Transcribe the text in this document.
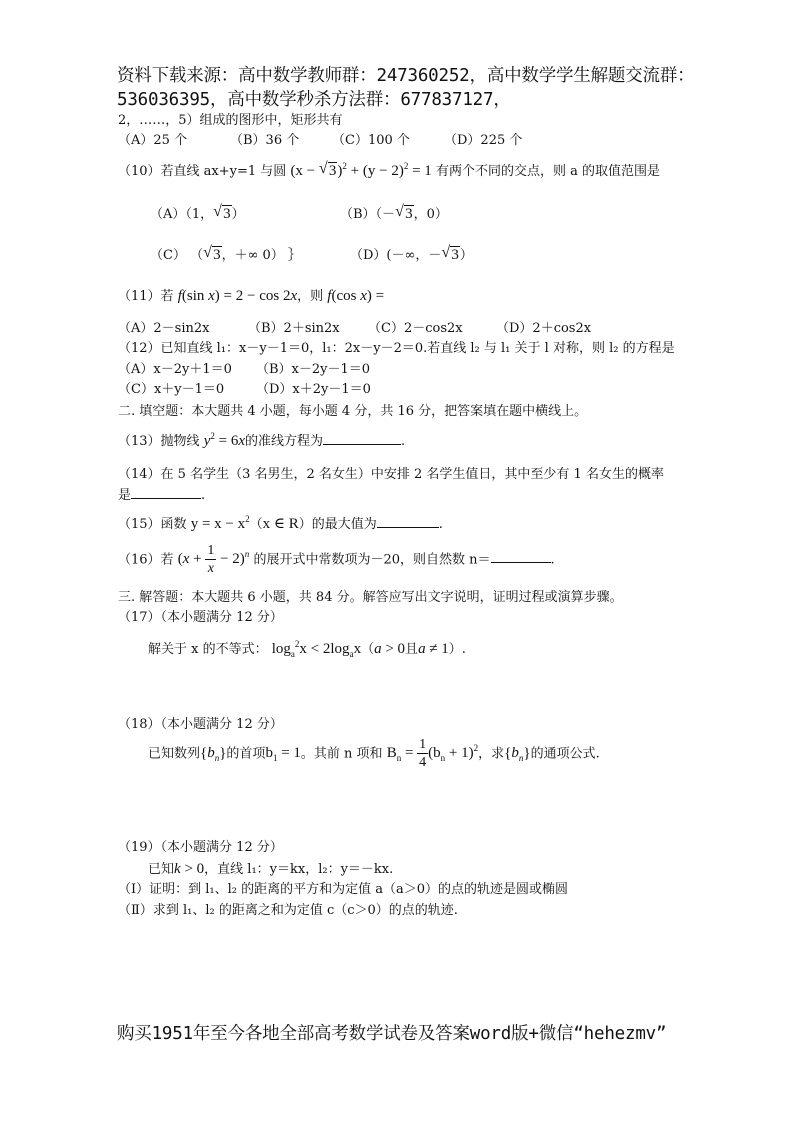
资料下载来源：高中数学教师群：247360252，高中数学学生解题交流群：
536036395，高中数学秒杀方法群：677837127，
2，……，5）组成的图形中，矩形共有
（A）25 个	（B）36 个	（C）100 个	（D）225 个
（10）若直线 ax+y=1 与圆 (x − √ $3)^2 + (y - 2)^2 = 1$ 有两个不同的交点，则 a 的取值范围是
（A）（1， √ 3）	（B）（－ √ 3，0）
（C） （ √ 3，＋∞ 0） ｝	（D）(－∞，－ √ 3）
（11）若 f(sin x) = 2 − cos 2x，则 f(cos x) =
（A）2－sin2x	（B）2＋sin2x （C）2－cos2x	（D）2＋cos2x
（12）已知直线 l₁：x－y－1＝0，l₁：2x－y－2＝0.若直线 l₂ 与 l₁ 关于 l 对称，则 l₂ 的方程是
（A）x－2y＋1＝0 （B）x－2y－1＝0
（C）x＋y－1＝0 （D）x＋2y－1＝0
二. 填空题：本大题共 4 小题，每小题 4 分，共 16 分，把答案填在题中横线上。
（13）抛物线 $y^2 = 6x$的准线方程为	.
（14）在 5 名学生（3 名男生，2 名女生）中安排 2 名学生值日，其中至少有 1 名女生的概率
是	.
（15）函数 $y = x - x^2(x$ ∈ R）的最大值为	.
（16）若 $(x + \frac{1}{x} - 2)^n$ 的展开式中常数项为－20，则自然数 n＝	.
三. 解答题：本大题共 6 小题，共 84 分。解答应写出文字说明，证明过程或演算步骤。
（17）（本小题满分 12 分）
解关于 x 的不等式： $\log_a^2x < 2\log_ax(a > 0$且a ≠ 1）.
（18）（本小题满分 12 分）
已知数列$\{b_n\}$的首项$b_1 = 1$。其前 n 项和 $B_n = \frac{1}{4} (b_n + 1)^2$，求$\{b_n\}$的通项公式.
（19）（本小题满分 12 分）
已知k > 0，直线 l₁：y＝kx，l₂：y＝－kx.
（Ⅰ）证明：到 l₁、l₂ 的距离的平方和为定值 a（a＞0）的点的轨迹是圆或椭圆
（Ⅱ）求到 l₁、l₂ 的距离之和为定值 c（c＞0）的点的轨迹.
购买1951年至今各地全部高考数学试卷及答案word版+微信“hehezmv”
